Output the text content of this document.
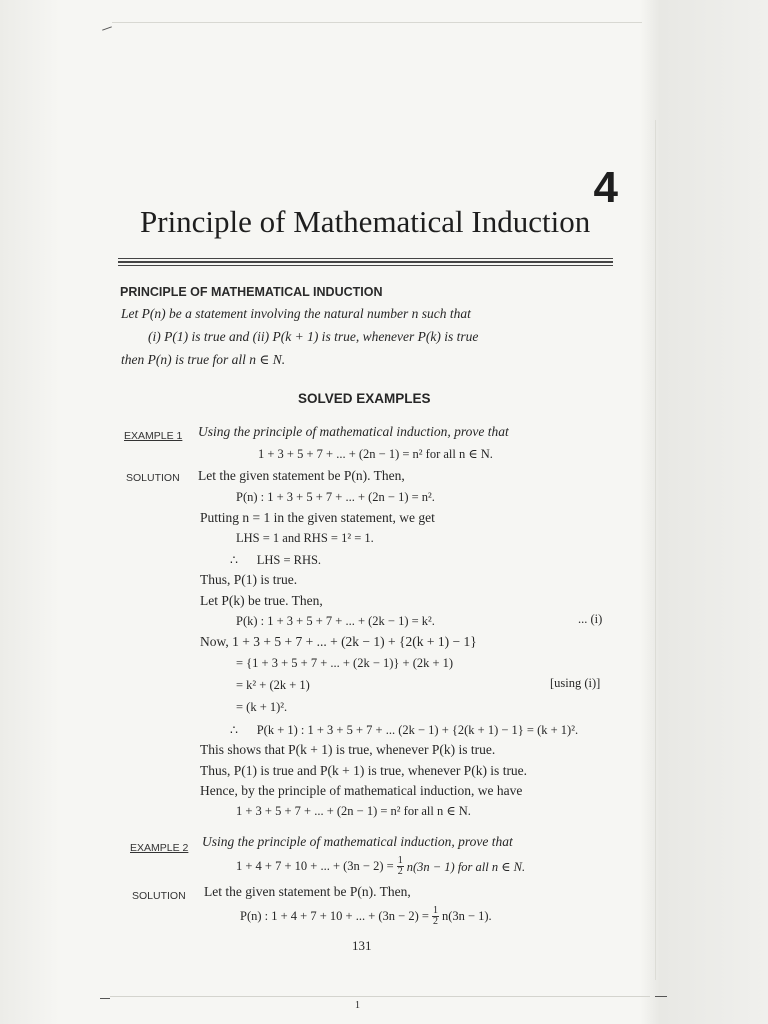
4
Principle of Mathematical Induction
PRINCIPLE OF MATHEMATICAL INDUCTION
Let P(n) be a statement involving the natural number n such that
(i) P(1) is true and (ii) P(k + 1) is true, whenever P(k) is true
then P(n) is true for all n ∈ N.
SOLVED EXAMPLES
EXAMPLE 1 Using the principle of mathematical induction, prove that
1 + 3 + 5 + 7 + ... + (2n − 1) = n² for all n ∈ N.
SOLUTION Let the given statement be P(n). Then,
P(n) : 1 + 3 + 5 + 7 + ... + (2n − 1) = n².
Putting n = 1 in the given statement, we get
LHS = 1 and RHS = 1² = 1.
∴      LHS = RHS.
Thus, P(1) is true.
Let P(k) be true. Then,
P(k) : 1 + 3 + 5 + 7 + ... + (2k − 1) = k².	... (i)
Now, 1 + 3 + 5 + 7 + ... + (2k − 1) + {2(k + 1) − 1}
= {1 + 3 + 5 + 7 + ... + (2k − 1)} + (2k + 1)
= k² + (2k + 1)	[using (i)]
= (k + 1)².
∴      P(k + 1) : 1 + 3 + 5 + 7 + ... (2k − 1) + {2(k + 1) − 1} = (k + 1)².
This shows that P(k + 1) is true, whenever P(k) is true.
Thus, P(1) is true and P(k + 1) is true, whenever P(k) is true.
Hence, by the principle of mathematical induction, we have
1 + 3 + 5 + 7 + ... + (2n − 1) = n² for all n ∈ N.
EXAMPLE 2 Using the principle of mathematical induction, prove that
1 + 4 + 7 + 10 + ... + $(3n - 2) = \frac{1}{2} n(3n - 1)$ for all n ∈ N.
SOLUTION Let the given statement be P(n). Then,
P(n) : 1 + 4 + 7 + 10 + ... + $(3n - 2) = \frac{1}{2} n(3n - 1)$.
131
1
